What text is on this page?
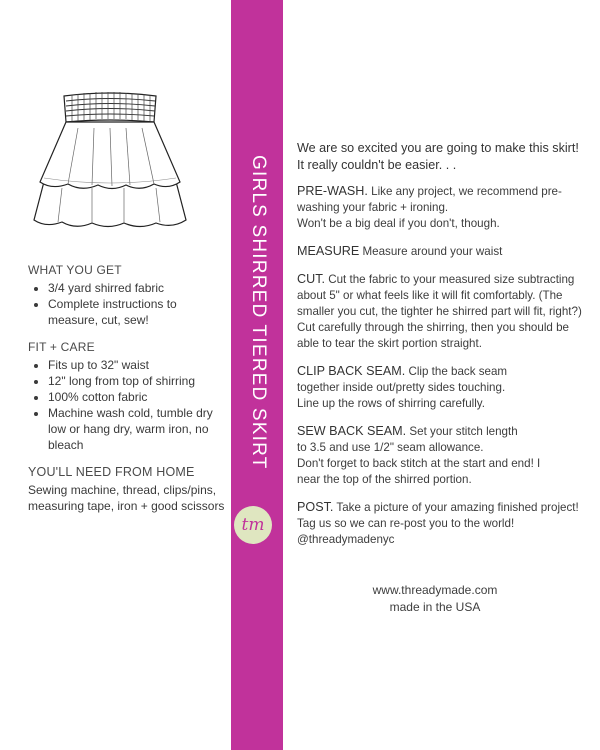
WHAT YOU GET
• 3/4 yard shirred fabric
• Complete instructions to measure, cut, sew!
FIT + CARE
• Fits up to 32" waist
• 12" long from top of shirring
• 100% cotton fabric
• Machine wash cold, tumble dry low or hang dry, warm iron, no bleach
YOU'LL NEED FROM HOME

Sewing machine, thread, clips/pins, measuring tape, iron + good scissors

GIRLS SHIRRED TIERED SKIRT
tm

We are so excited you are going to make this skirt!
It really couldn't be easier. . .

PRE-WASH. Like any project, we recommend pre-
washing your fabric + ironing.
Won't be a big deal if you don't, though.

MEASURE Measure around your waist

CUT. Cut the fabric to your measured size subtracting
about 5" or what feels like it will fit comfortably. (The
smaller you cut, the tighter he shirred part will fit, right?)
Cut carefully through the shirring, then you should be
able to tear the skirt portion straight.

CLIP BACK SEAM. Clip the back seam
together inside out/pretty sides touching.
Line up the rows of shirring carefully.

SEW BACK SEAM. Set your stitch length
to 3.5 and use 1/2" seam allowance.
Don't forget to back stitch at the start and end! I
near the top of the shirred portion.

POST. Take a picture of your amazing finished project!
Tag us so we can re-post you to the world!
@threadymadenyc

www.threadymade.com
made in the USA
